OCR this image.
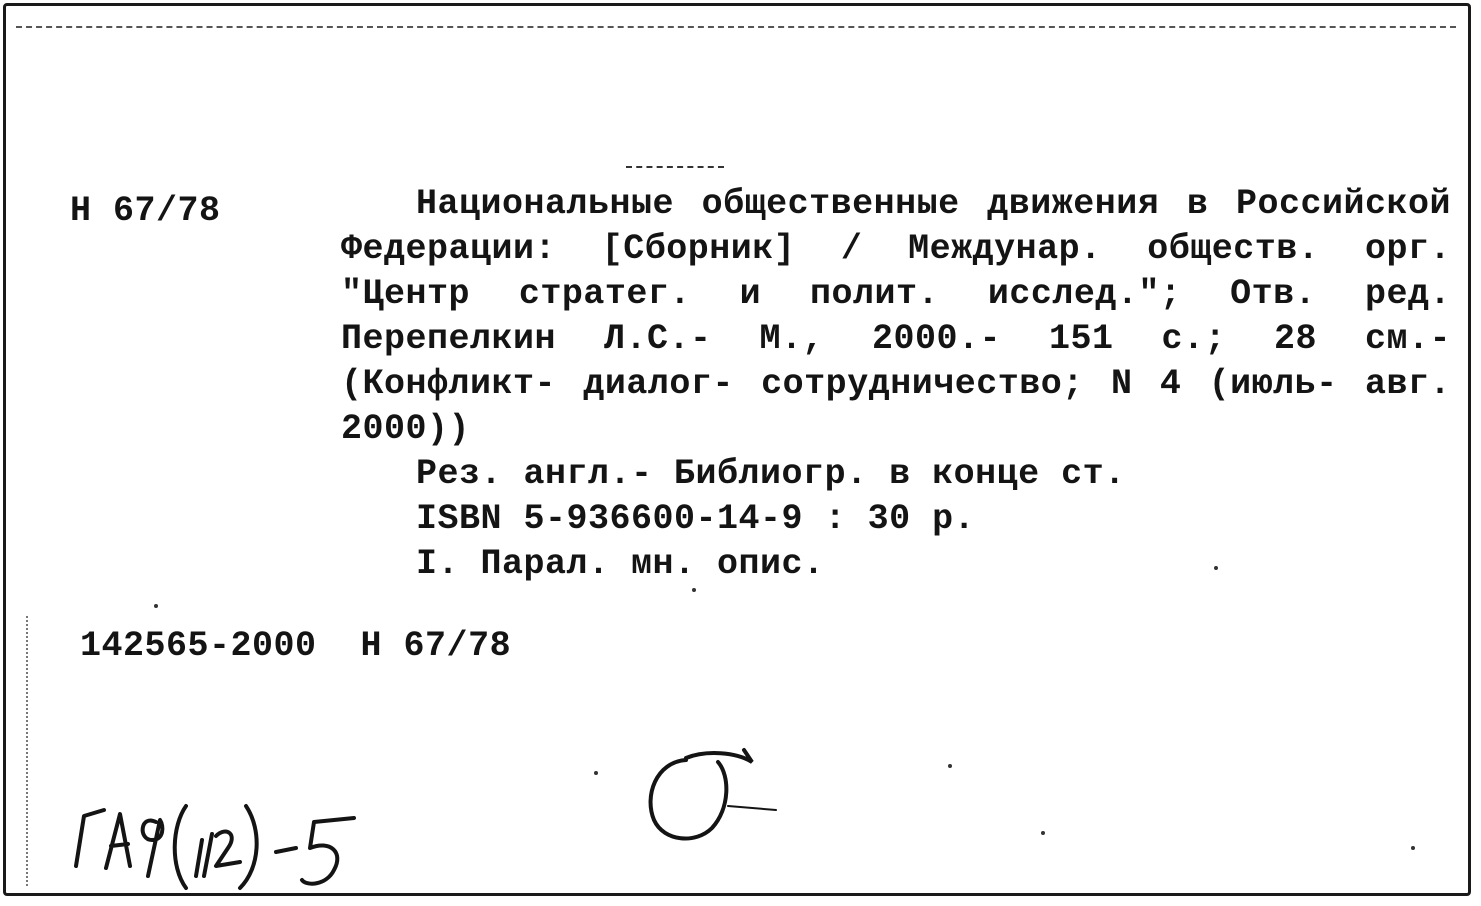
Н 67/78	Национальные общественные движения в Российской Федерации: [Сборник] / Междунар. обществ. орг. "Центр стратег. и полит. исслед."; Отв. ред. Перепелкин Л.С.- М., 2000.- 151 с.; 28 см.- (Конфликт- диалог- сотрудничество; N 4 (июль- авг. 2000))

Рез. англ.- Библиогр. в конце ст.

ISBN 5-936600-14-9 : 30 р.

I. Парал. мн. опис.

142565-2000 Н 67/78
